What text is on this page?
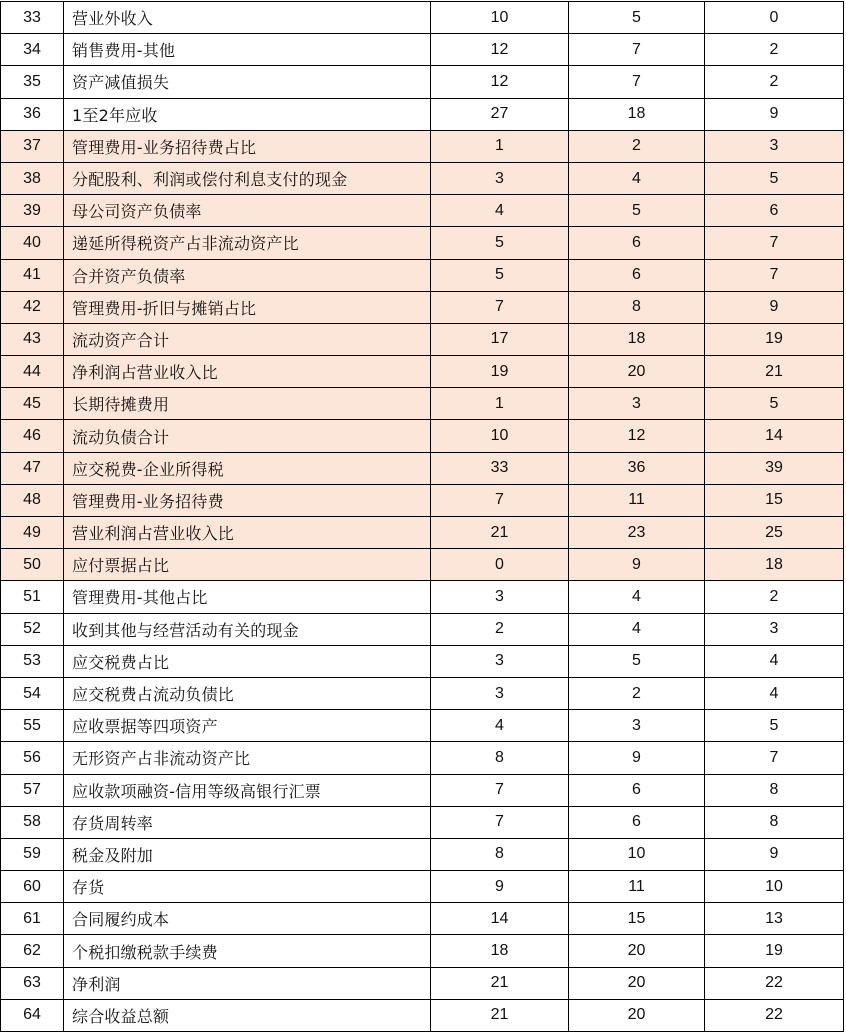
33	营业外收入	10	5	0
34	销售费用-其他	12	7	2
35	资产减值损失	12	7	2
36	1至2年应收	27	18	9
37	管理费用-业务招待费占比	1	2	3
38	分配股利、利润或偿付利息支付的现金	3	4	5
39	母公司资产负债率	4	5	6
40	递延所得税资产占非流动资产比	5	6	7
41	合并资产负债率	5	6	7
42	管理费用-折旧与摊销占比	7	8	9
43	流动资产合计	17	18	19
44	净利润占营业收入比	19	20	21
45	长期待摊费用	1	3	5
46	流动负债合计	10	12	14
47	应交税费-企业所得税	33	36	39
48	管理费用-业务招待费	7	11	15
49	营业利润占营业收入比	21	23	25
50	应付票据占比	0	9	18
51	管理费用-其他占比	3	4	2
52	收到其他与经营活动有关的现金	2	4	3
53	应交税费占比	3	5	4
54	应交税费占流动负债比	3	2	4
55	应收票据等四项资产	4	3	5
56	无形资产占非流动资产比	8	9	7
57	应收款项融资-信用等级高银行汇票	7	6	8
58	存货周转率	7	6	8
59	税金及附加	8	10	9
60	存货	9	11	10
61	合同履约成本	14	15	13
62	个税扣缴税款手续费	18	20	19
63	净利润	21	20	22
64	综合收益总额	21	20	22
